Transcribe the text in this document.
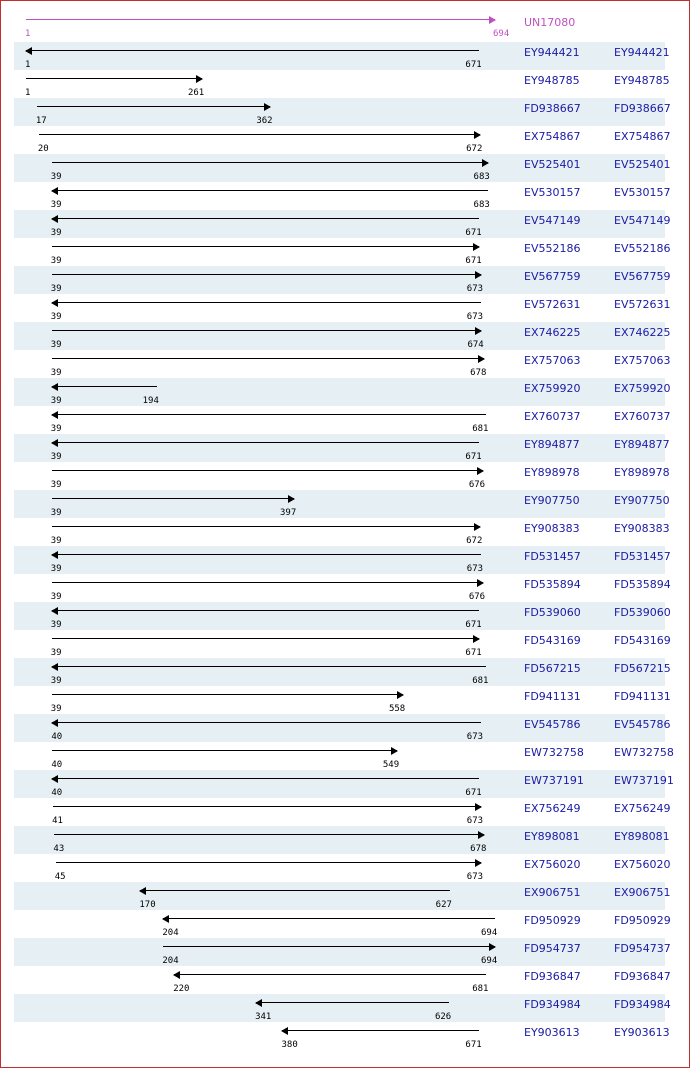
1	694
UN17080
1	671
EY944421	EY944421
1	261
EY948785	EY948785
17	362
FD938667	FD938667
20	672
EX754867	EX754867
39	683
EV525401	EV525401
39	683
EV530157	EV530157
39	671
EV547149	EV547149
39	671
EV552186	EV552186
39	673
EV567759	EV567759
39	673
EV572631	EV572631
39	674
EX746225	EX746225
39	678
EX757063	EX757063
39	194
EX759920	EX759920
39	681
EX760737	EX760737
39	671
EY894877	EY894877
39	676
EY898978	EY898978
39	397
EY907750	EY907750
39	672
EY908383	EY908383
39	673
FD531457	FD531457
39	676
FD535894	FD535894
39	671
FD539060	FD539060
39	671
FD543169	FD543169
39	681
FD567215	FD567215
39	558
FD941131	FD941131
40	673
EV545786	EV545786
40	549
EW732758	EW732758
40	671
EW737191	EW737191
41	673
EX756249	EX756249
43	678
EY898081	EY898081
45	673
EX756020	EX756020
170	627
EX906751	EX906751
204	694
FD950929	FD950929
204	694
FD954737	FD954737
220	681
FD936847	FD936847
341	626
FD934984	FD934984
380	671
EY903613	EY903613
